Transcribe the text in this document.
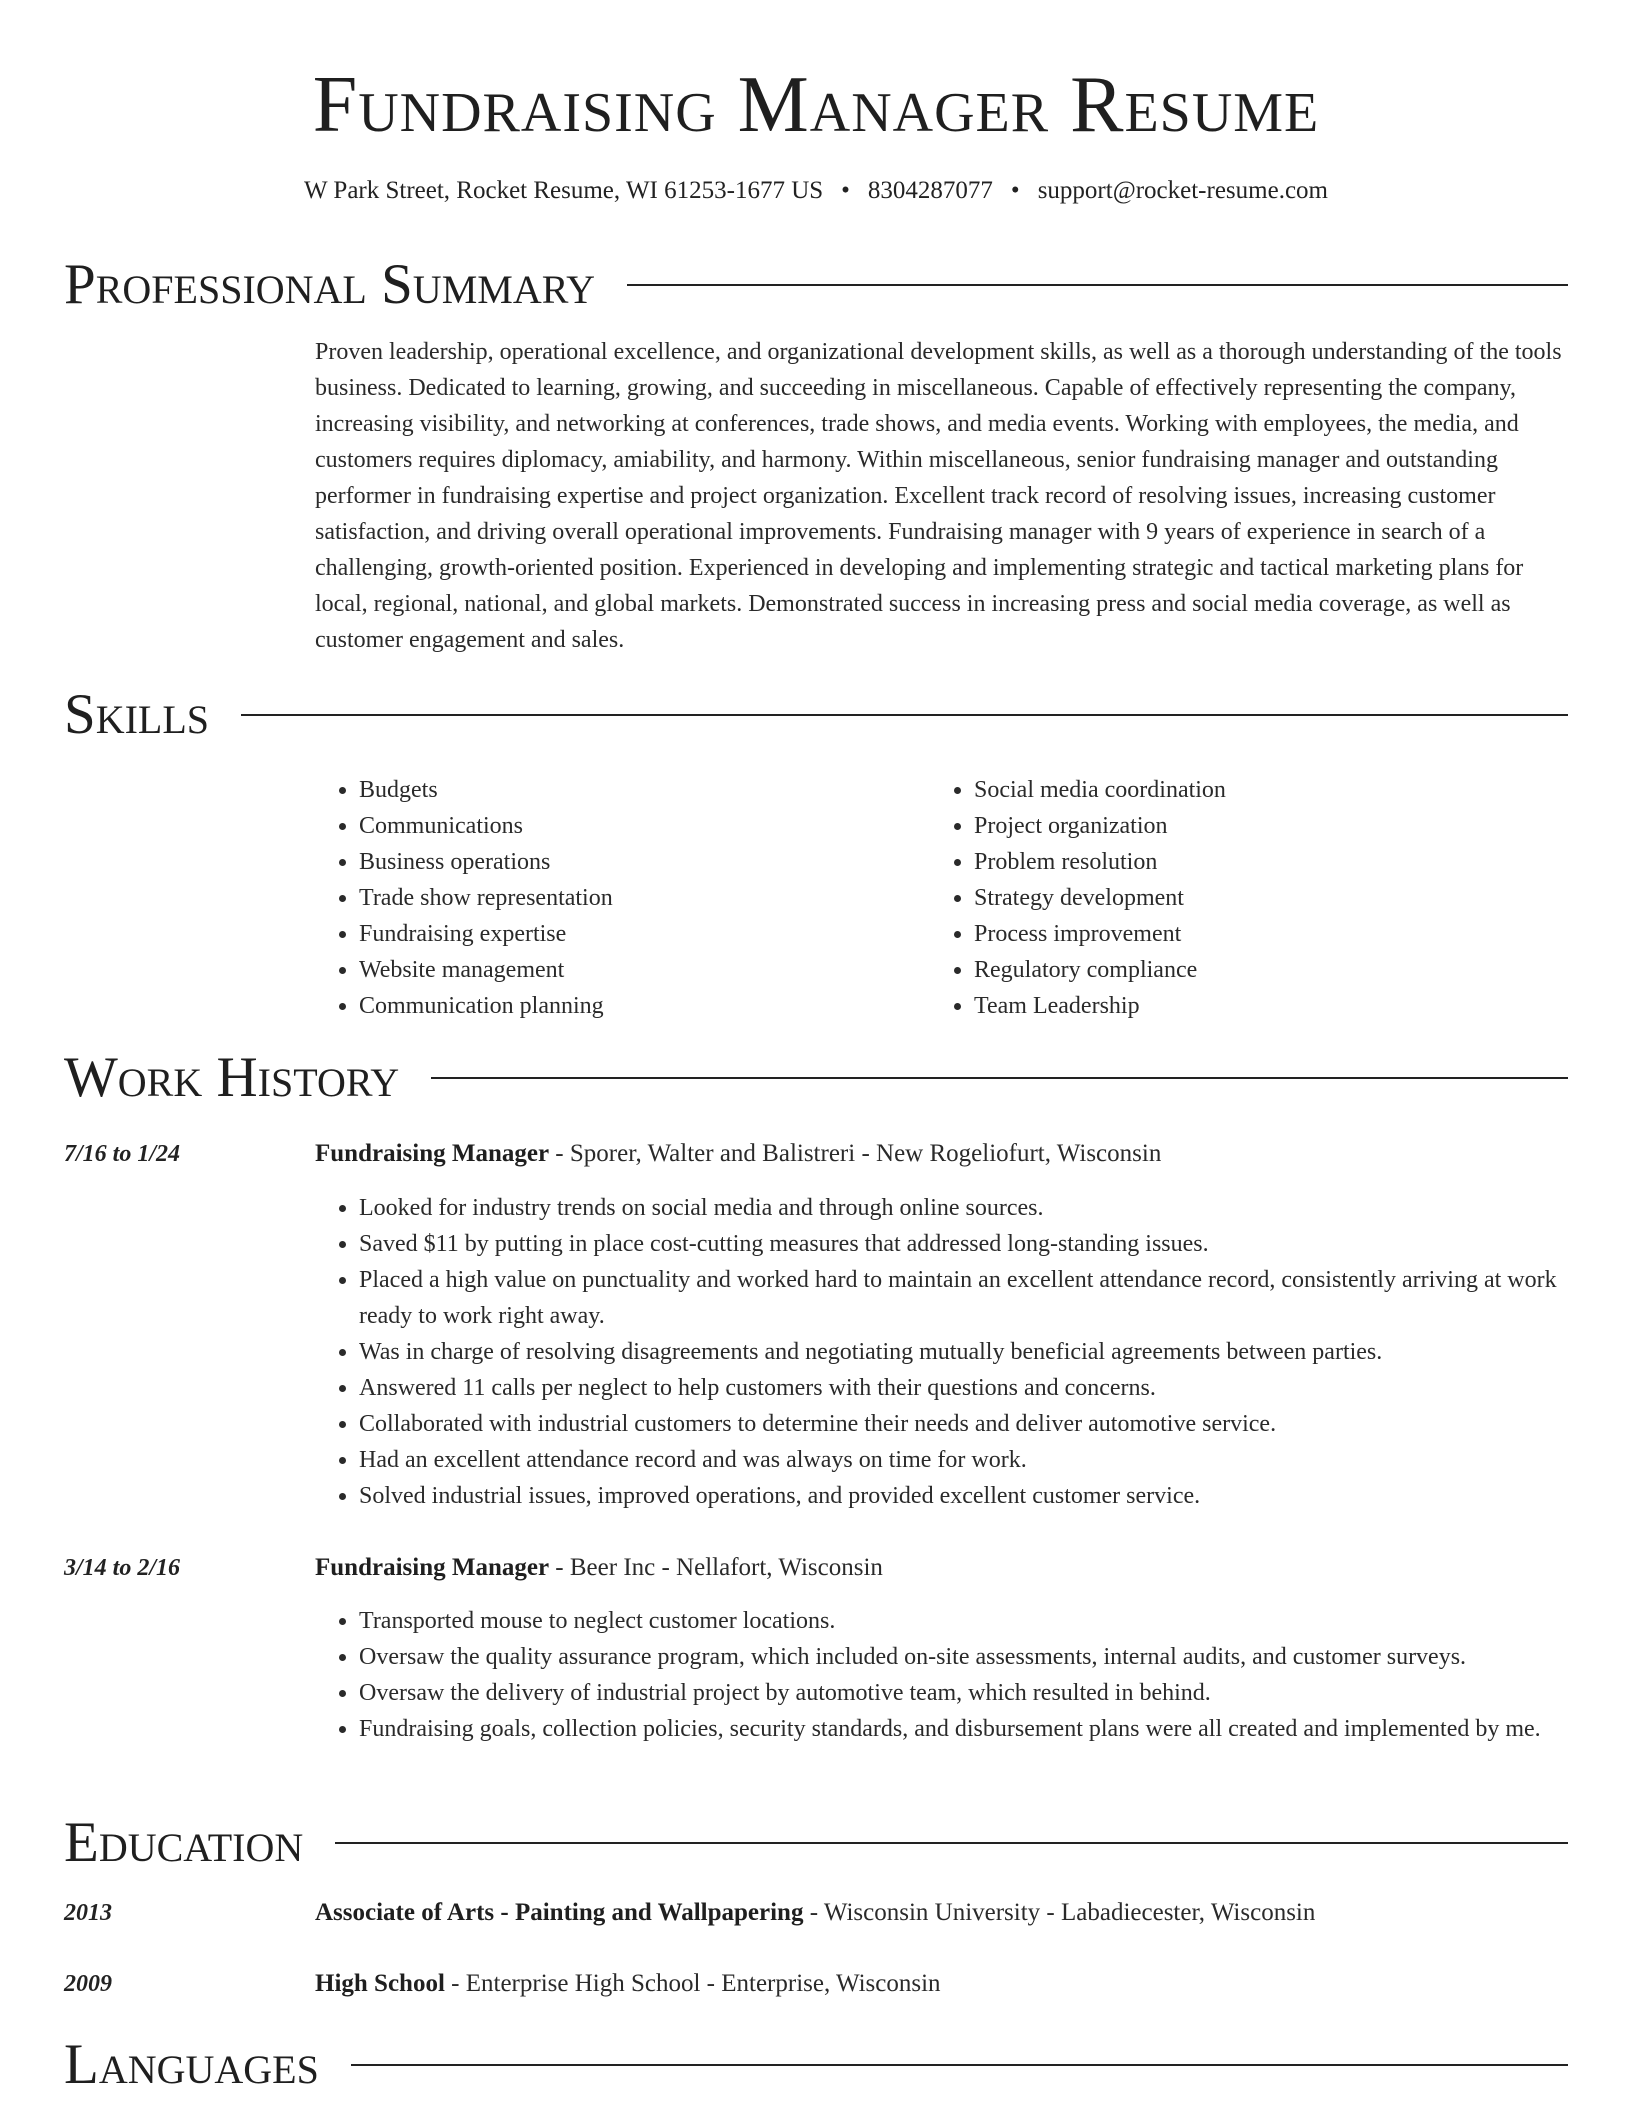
Fundraising Manager Resume
W Park Street, Rocket Resume, WI 61253-1677 US • 8304287077 • support@rocket-resume.com
Professional Summary
Proven leadership, operational excellence, and organizational development skills, as well as a thorough understanding of the tools business. Dedicated to learning, growing, and succeeding in miscellaneous. Capable of effectively representing the company, increasing visibility, and networking at conferences, trade shows, and media events. Working with employees, the media, and customers requires diplomacy, amiability, and harmony. Within miscellaneous, senior fundraising manager and outstanding performer in fundraising expertise and project organization. Excellent track record of resolving issues, increasing customer satisfaction, and driving overall operational improvements. Fundraising manager with 9 years of experience in search of a challenging, growth-oriented position. Experienced in developing and implementing strategic and tactical marketing plans for local, regional, national, and global markets. Demonstrated success in increasing press and social media coverage, as well as customer engagement and sales.
Skills
• Budgets
• Communications
• Business operations
• Trade show representation
• Fundraising expertise
• Website management
• Communication planning
• Social media coordination
• Project organization
• Problem resolution
• Strategy development
• Process improvement
• Regulatory compliance
• Team Leadership
Work History
7/16 to 1/24	Fundraising Manager - Sporer, Walter and Balistreri - New Rogeliofurt, Wisconsin
• Looked for industry trends on social media and through online sources.
• Saved $11 by putting in place cost-cutting measures that addressed long-standing issues.
• Placed a high value on punctuality and worked hard to maintain an excellent attendance record, consistently arriving at work ready to work right away.
• Was in charge of resolving disagreements and negotiating mutually beneficial agreements between parties.
• Answered 11 calls per neglect to help customers with their questions and concerns.
• Collaborated with industrial customers to determine their needs and deliver automotive service.
• Had an excellent attendance record and was always on time for work.
• Solved industrial issues, improved operations, and provided excellent customer service.
3/14 to 2/16	Fundraising Manager - Beer Inc - Nellafort, Wisconsin
• Transported mouse to neglect customer locations.
• Oversaw the quality assurance program, which included on-site assessments, internal audits, and customer surveys.
• Oversaw the delivery of industrial project by automotive team, which resulted in behind.
• Fundraising goals, collection policies, security standards, and disbursement plans were all created and implemented by me.
Education
2013	Associate of Arts - Painting and Wallpapering - Wisconsin University - Labadiecester, Wisconsin
2009	High School - Enterprise High School - Enterprise, Wisconsin
Languages
